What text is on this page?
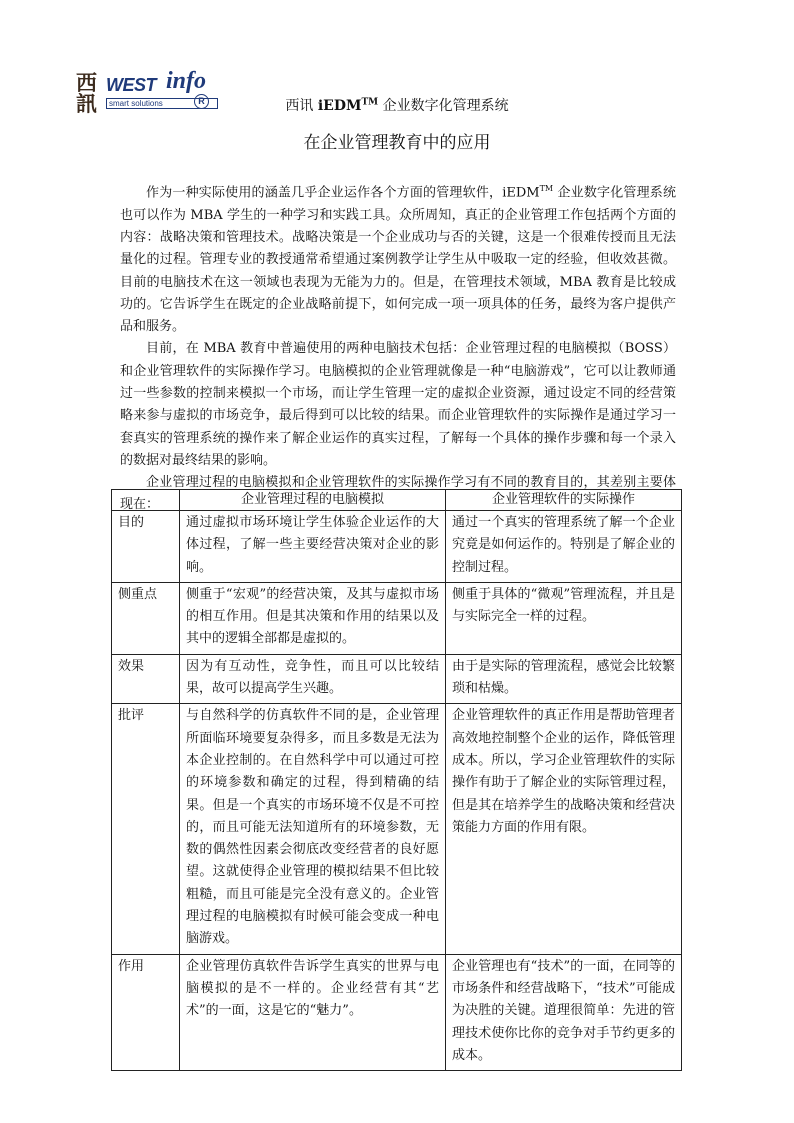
西訊
WEST info
smart solutions	R	西讯 iEDM™ 企业数字化管理系统
在企业管理教育中的应用

作为一种实际使用的涵盖几乎企业运作各个方面的管理软件，iEDM™ 企业数字化管理系统也可以作为 MBA 学生的一种学习和实践工具。众所周知，真正的企业管理工作包括两个方面的内容：战略决策和管理技术。战略决策是一个企业成功与否的关键，这是一个很难传授而且无法量化的过程。管理专业的教授通常希望通过案例教学让学生从中吸取一定的经验，但收效甚微。目前的电脑技术在这一领域也表现为无能为力的。但是，在管理技术领域，MBA 教育是比较成功的。它告诉学生在既定的企业战略前提下，如何完成一项一项具体的任务，最终为客户提供产品和服务。

目前，在 MBA 教育中普遍使用的两种电脑技术包括：企业管理过程的电脑模拟（BOSS）和企业管理软件的实际操作学习。电脑模拟的企业管理就像是一种“电脑游戏”，它可以让教师通过一些参数的控制来模拟一个市场，而让学生管理一定的虚拟企业资源，通过设定不同的经营策略来参与虚拟的市场竞争，最后得到可以比较的结果。而企业管理软件的实际操作是通过学习一套真实的管理系统的操作来了解企业运作的真实过程，了解每一个具体的操作步骤和每一个录入的数据对最终结果的影响。

企业管理过程的电脑模拟和企业管理软件的实际操作学习有不同的教育目的，其差别主要体现在：

		企业管理过程的电脑模拟	企业管理软件的实际操作
目的	通过虚拟市场环境让学生体验企业运作的大体过程，了解一些主要经营决策对企业的影响。	通过一个真实的管理系统了解一个企业究竟是如何运作的。特别是了解企业的控制过程。
侧重点	侧重于“宏观”的经营决策，及其与虚拟市场的相互作用。但是其决策和作用的结果以及其中的逻辑全部都是虚拟的。	侧重于具体的“微观”管理流程，并且是与实际完全一样的过程。
效果	因为有互动性，竞争性，而且可以比较结果，故可以提高学生兴趣。	由于是实际的管理流程，感觉会比较繁琐和枯燥。
批评	与自然科学的仿真软件不同的是，企业管理所面临环境要复杂得多，而且多数是无法为本企业控制的。在自然科学中可以通过可控的环境参数和确定的过程，得到精确的结果。但是一个真实的市场环境不仅是不可控的，而且可能无法知道所有的环境参数，无数的偶然性因素会彻底改变经营者的良好愿望。这就使得企业管理的模拟结果不但比较粗糙，而且可能是完全没有意义的。企业管理过程的电脑模拟有时候可能会变成一种电脑游戏。	企业管理软件的真正作用是帮助管理者高效地控制整个企业的运作，降低管理成本。所以，学习企业管理软件的实际操作有助于了解企业的实际管理过程，但是其在培养学生的战略决策和经营决策能力方面的作用有限。
作用	企业管理仿真软件告诉学生真实的世界与电脑模拟的是不一样的。企业经营有其“艺术”的一面，这是它的“魅力”。	企业管理也有“技术”的一面，在同等的市场条件和经营战略下，“技术”可能成为决胜的关键。道理很简单：先进的管理技术使你比你的竞争对手节约更多的成本。
